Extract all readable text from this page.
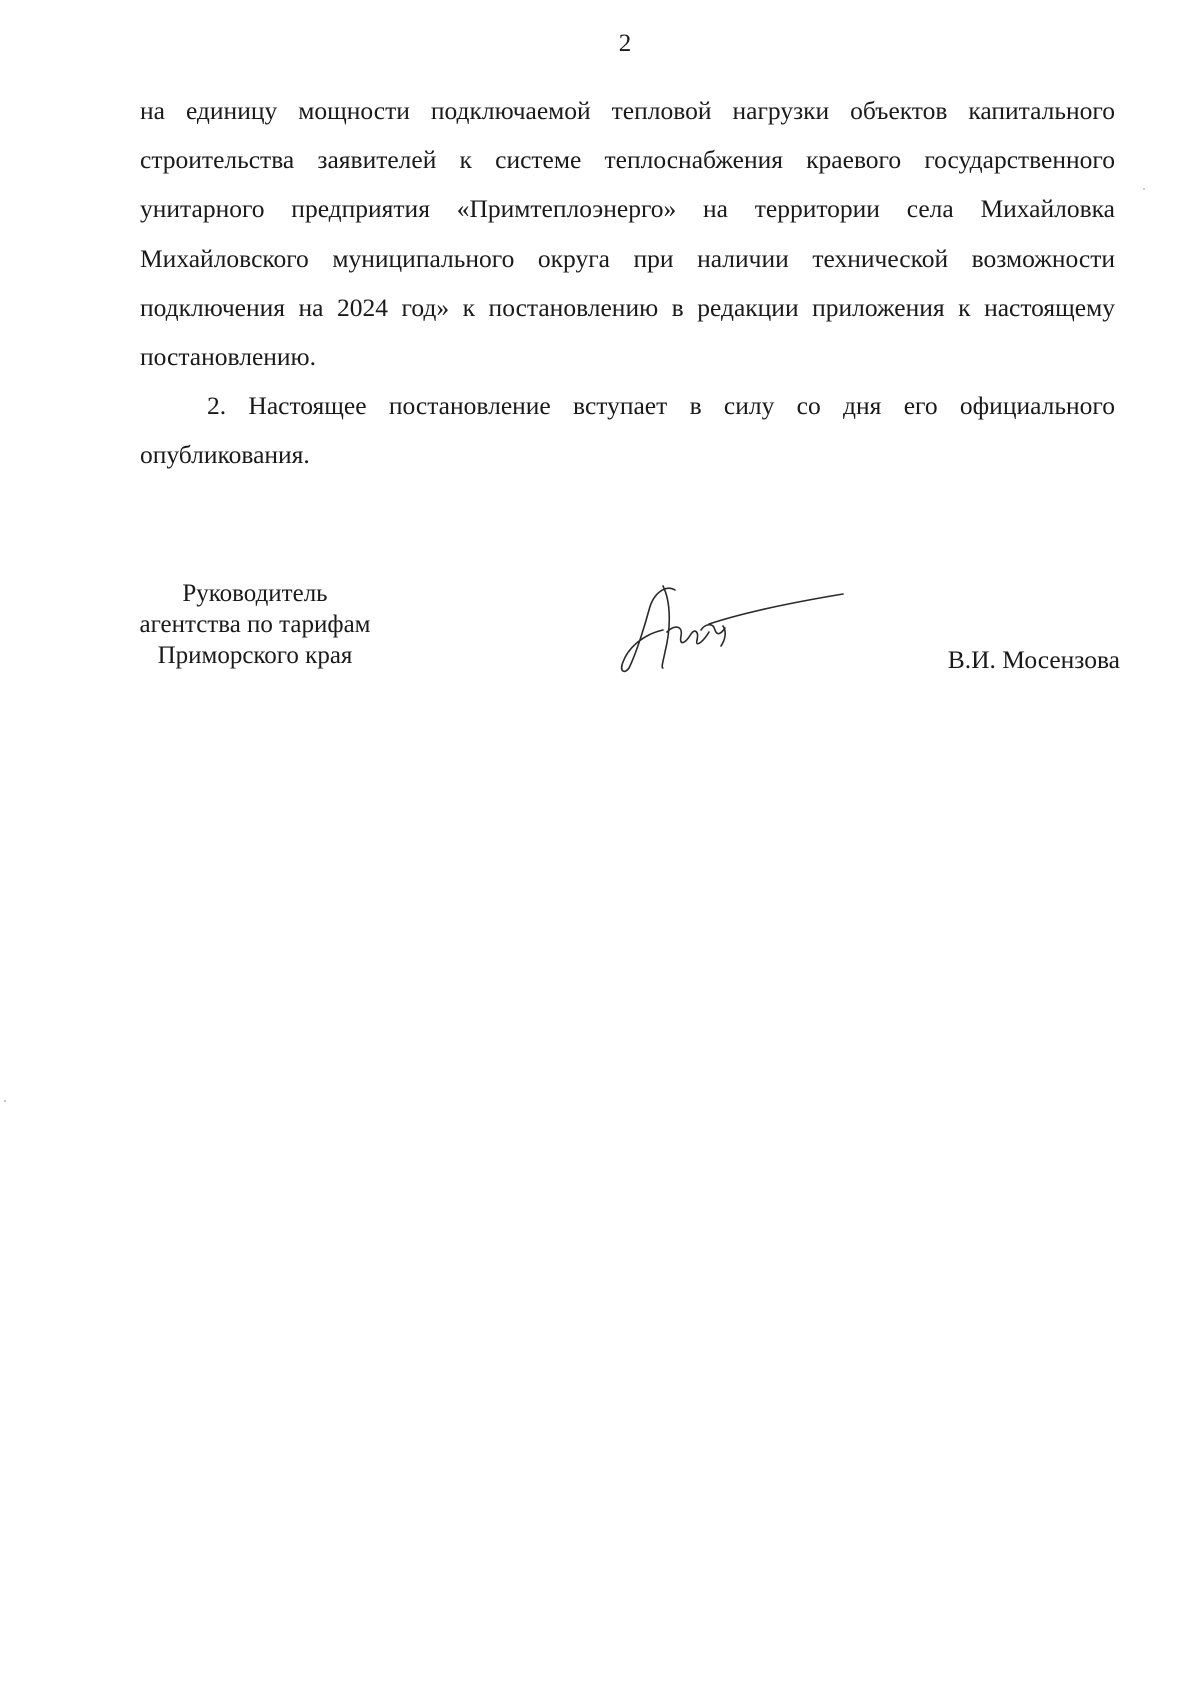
2

на единицу мощности подключаемой тепловой нагрузки объектов капитального строительства заявителей к системе теплоснабжения краевого государственного унитарного предприятия «Примтеплоэнерго» на территории села Михайловка Михайловского муниципального округа при наличии технической возможности подключения на 2024 год» к постановлению в редакции приложения к настоящему постановлению.

2. Настоящее постановление вступает в силу со дня его официального опубликования.

Руководитель
агентства по тарифам
Приморского края	В.И. Мосензова
